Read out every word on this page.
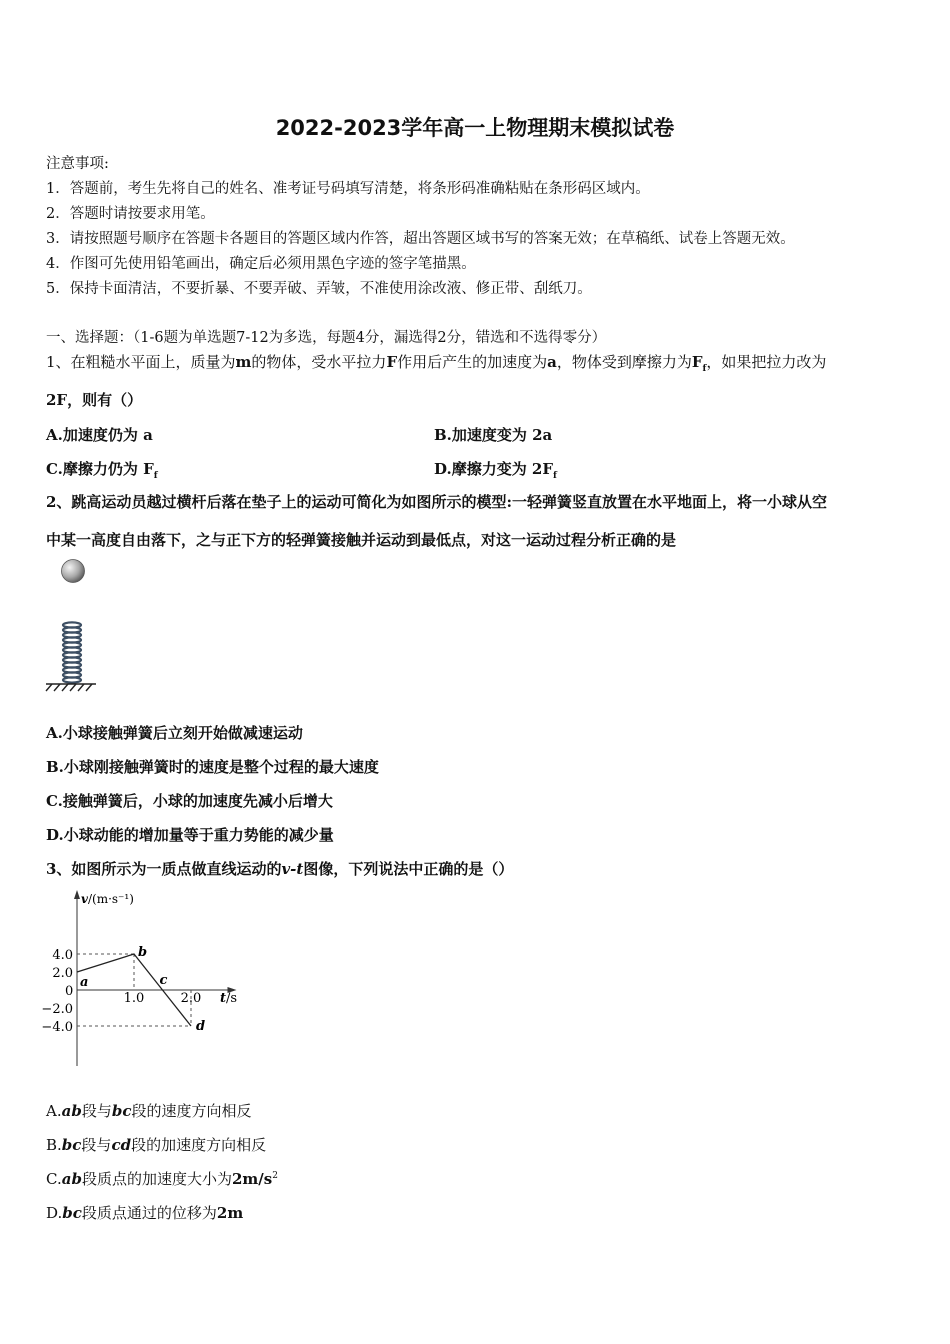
2022-2023学年高一上物理期末模拟试卷
注意事项:
1．答题前，考生先将自己的姓名、准考证号码填写清楚，将条形码准确粘贴在条形码区域内。
2．答题时请按要求用笔。
3．请按照题号顺序在答题卡各题目的答题区域内作答，超出答题区域书写的答案无效；在草稿纸、试卷上答题无效。
4．作图可先使用铅笔画出，确定后必须用黑色字迹的签字笔描黑。
5．保持卡面清洁，不要折暴、不要弄破、弄皱，不准使用涂改液、修正带、刮纸刀。
一、选择题：（1-6题为单选题7-12为多选，每题4分，漏选得2分，错选和不选得零分）
1、在粗糙水平面上，质量为m的物体，受水平拉力F作用后产生的加速度为a，物体受到摩擦力为$F_f$，如果把拉力改为
2F，则有（）
A.加速度仍为 a	B.加速度变为 2a
C.摩擦力仍为 $F_f$	D.摩擦力变为 $2F_f$
2、跳高运动员越过横杆后落在垫子上的运动可简化为如图所示的模型:一轻弹簧竖直放置在水平地面上，将一小球从空
中某一高度自由落下，之与正下方的轻弹簧接触并运动到最低点，对这一运动过程分析正确的是
A.小球接触弹簧后立刻开始做减速运动
B.小球刚接触弹簧时的速度是整个过程的最大速度
C.接触弹簧后，小球的加速度先减小后增大
D.小球动能的增加量等于重力势能的减少量
3、如图所示为一质点做直线运动的v-t图像，下列说法中正确的是（）
v/(m·s⁻¹)
t/s
0
4.0
2.0
−2.0
−4.0
1.0	2.0
a
b
c
d
A.ab段与bc段的速度方向相反
B.bc段与cd段的加速度方向相反
C.ab段质点的加速度大小为$2m/s^2$
D.bc段质点通过的位移为2m
